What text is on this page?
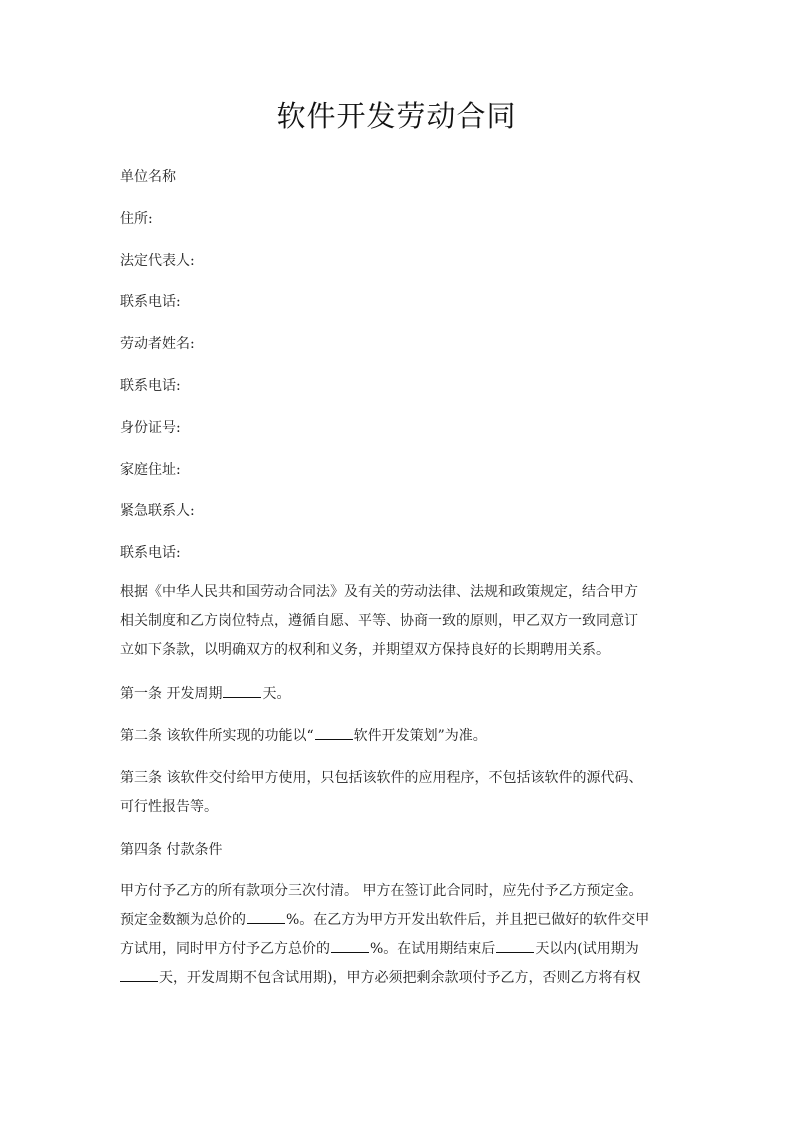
软件开发劳动合同
单位名称
住所:
法定代表人:
联系电话:
劳动者姓名:
联系电话:
身份证号:
家庭住址:
紧急联系人:
联系电话:
根据《中华人民共和国劳动合同法》及有关的劳动法律、法规和政策规定，结合甲方
相关制度和乙方岗位特点，遵循自愿、平等、协商一致的原则，甲乙双方一致同意订
立如下条款，以明确双方的权利和义务，并期望双方保持良好的长期聘用关系。
第一条 开发周期	天。
第二条 该软件所实现的功能以“	软件开发策划”为准。
第三条 该软件交付给甲方使用，只包括该软件的应用程序，不包括该软件的源代码、
可行性报告等。
第四条 付款条件
甲方付予乙方的所有款项分三次付清。 甲方在签订此合同时，应先付予乙方预定金。
预定金数额为总价的	%。在乙方为甲方开发出软件后，并且把已做好的软件交甲
方试用，同时甲方付予乙方总价的	%。在试用期结束后	天以内(试用期为
天，开发周期不包含试用期)，甲方必须把剩余款项付予乙方，否则乙方将有权
